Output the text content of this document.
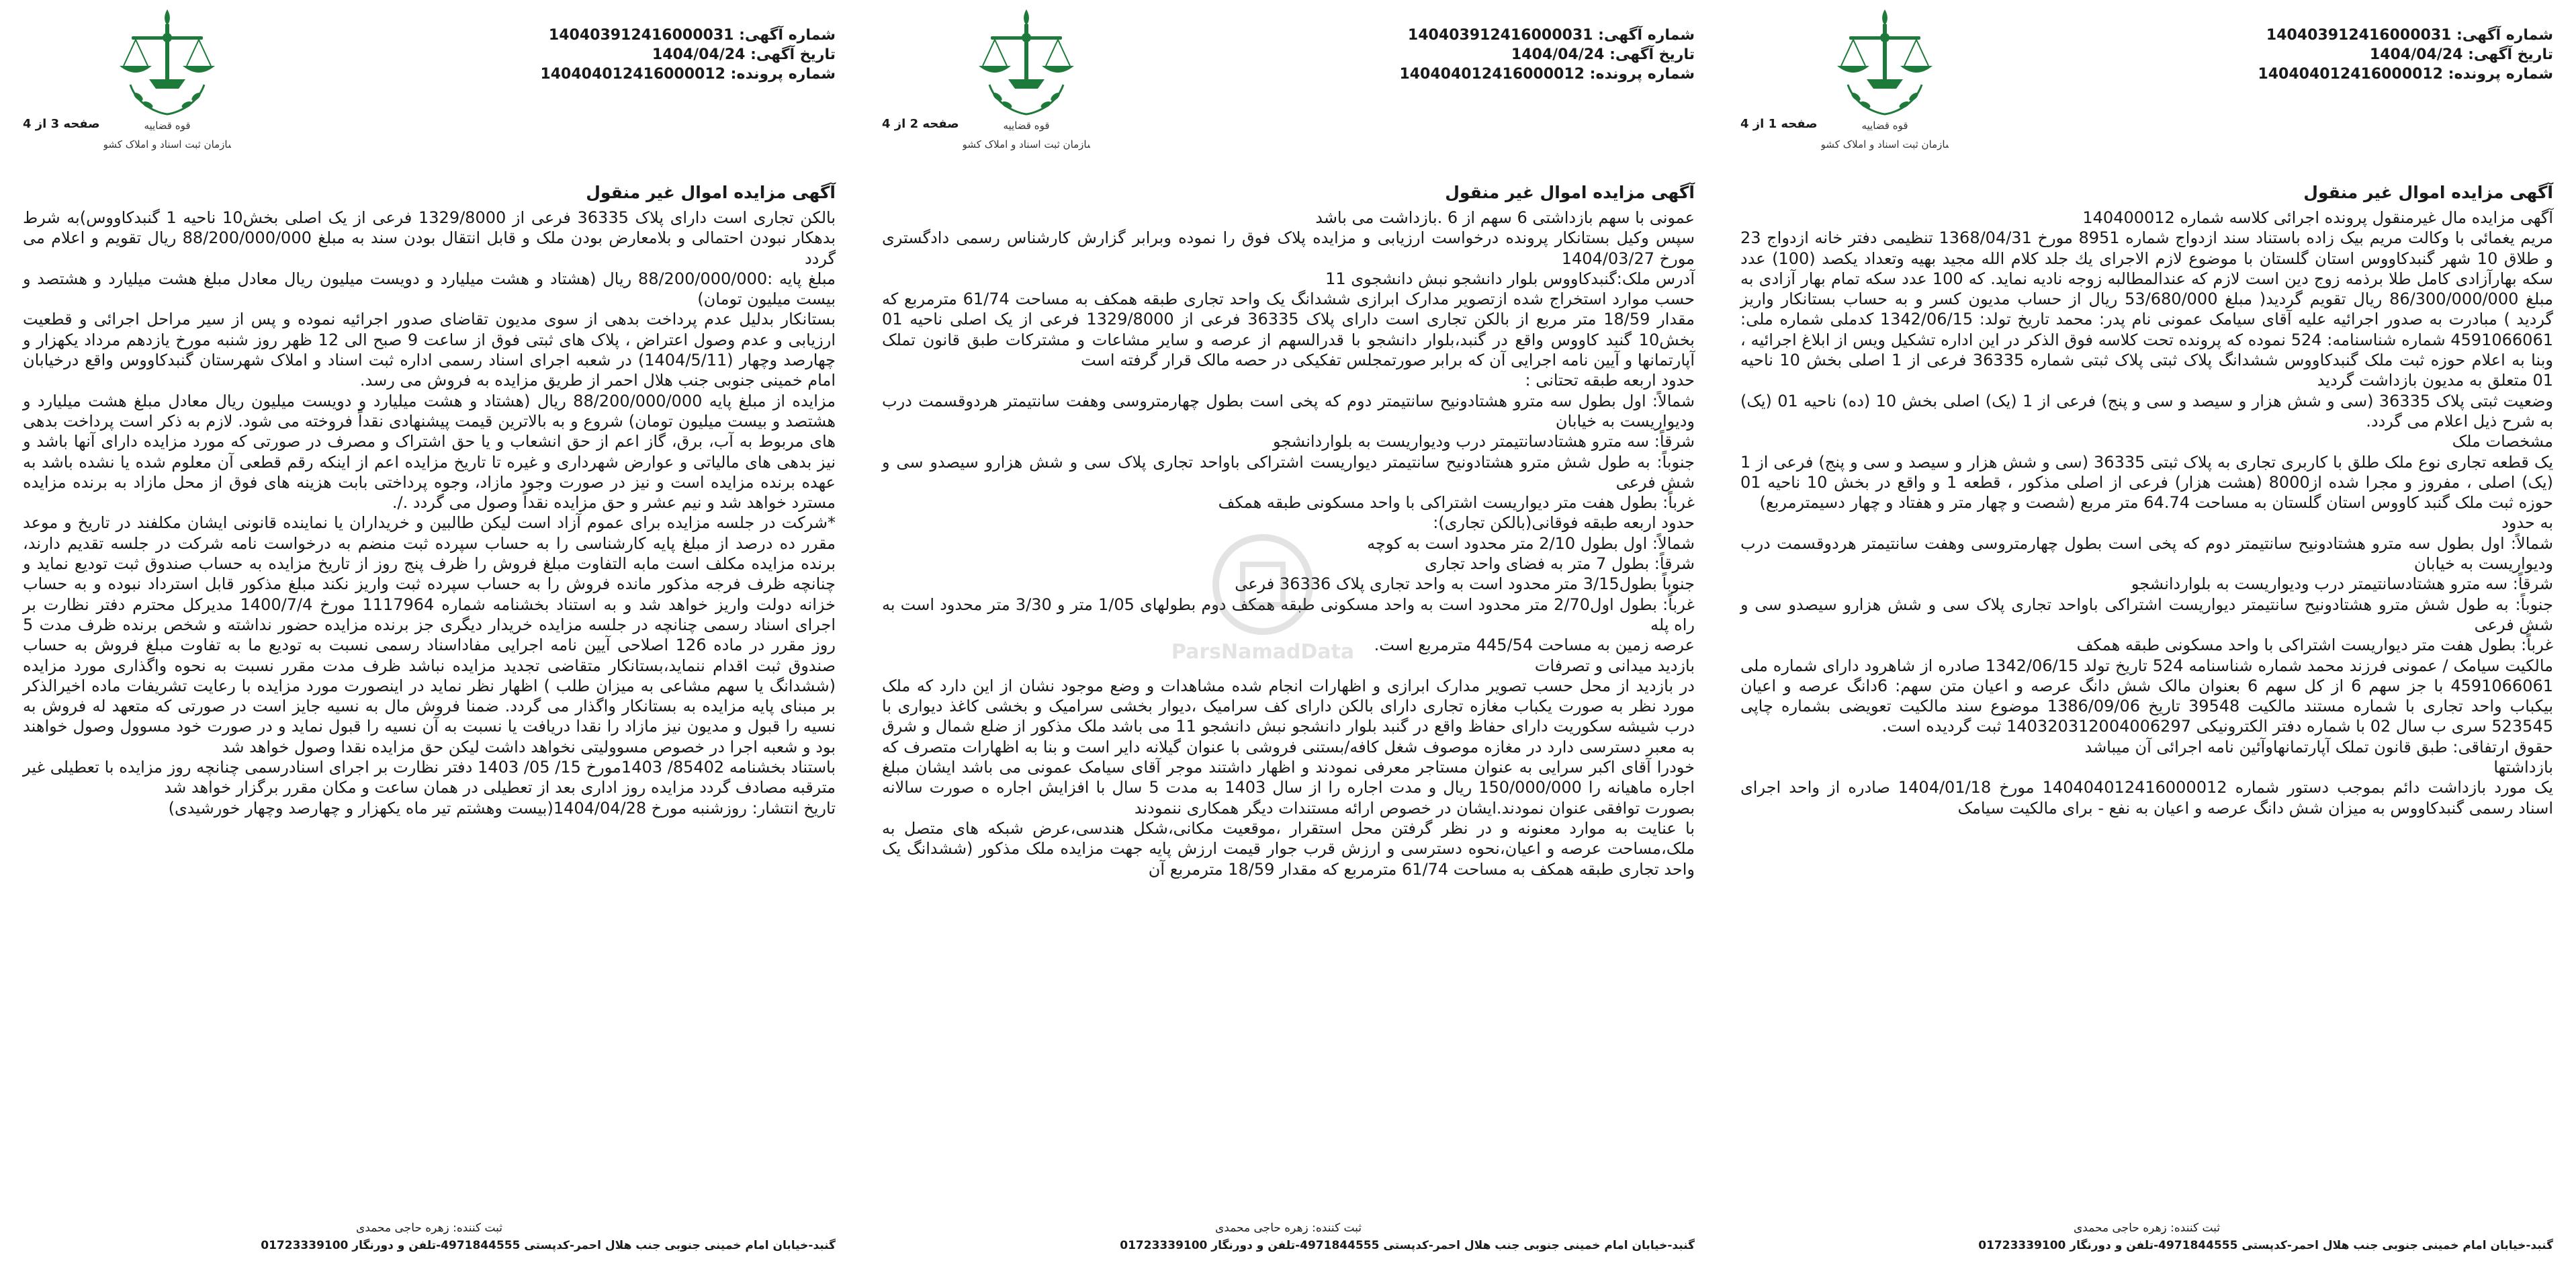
شماره آگهی: 140403912416000031
تاریخ آگهی: 1404/04/24
شماره پرونده: 140404012416000012
قوه قضاییه
سازمان ثبت اسناد و املاک کشور
صفحه 1 از 4
آگهی مزایده اموال غیر منقول

آگهی مزایده مال غیرمنقول پرونده اجرائی کلاسه شماره 140400012

مریم یغمائی با وکالت مریم بیک زاده باستناد سند ازدواج شماره 8951 مورخ 1368/04/31 تنظیمی دفتر خانه ازدواج 23 و طلاق 10 شهر گنبدکاووس استان گلستان با موضوع لازم الاجرای یك جلد كلام الله مجید بهیه وتعداد یکصد (100) عدد سکه بهارآزادی کامل طلا برذمه زوج دین است لازم که عندالمطالبه زوجه نادیه نماید. که 100 عدد سکه تمام بهار آزادی به مبلغ 86/300/000/000 ریال تقویم گردید( مبلغ 53/680/000 ریال از حساب مدیون کسر و به حساب بستانکار واریز گردید ) مبادرت به صدور اجرائیه علیه آقای سیامک عمونی نام پدر: محمد تاریخ تولد: 1342/06/15 کدملی شماره ملی: 4591066061 شماره شناسنامه: 524 نموده که پرونده تحت کلاسه فوق الذکر در این اداره تشکیل ویس از ابلاغ اجرائیه ، وبنا به اعلام حوزه ثبت ملک گنبدکاووس ششدانگ پلاک ثبتی پلاک ثبتی شماره 36335 فرعی از 1 اصلی بخش 10 ناحیه 01 متعلق به مدیون بازداشت گردید

وضعیت ثبتی پلاک 36335 (سی و شش هزار و سیصد و سی و پنج) فرعی از 1 (یک) اصلی بخش 10 (ده) ناحیه 01 (یک) به شرح ذیل اعلام می گردد.

مشخصات ملک

یک قطعه تجاری نوع ملک طلق با کاربری تجاری به پلاک ثبتی 36335 (سی و شش هزار و سیصد و سی و پنج) فرعی از 1 (یک) اصلی ، مفروز و مجرا شده از8000 (هشت هزار) فرعی از اصلی مذکور ، قطعه 1 و واقع در بخش 10 ناحیه 01 حوزه ثبت ملک گنبد کاووس استان گلستان به مساحت 64.74 متر مربع (شصت و چهار متر و هفتاد و چهار دسیمترمربع)

به حدود

شمالاً: اول بطول سه مترو هشتادونیح سانتیمتر دوم که پخی است بطول چهارمتروسی وهفت سانتیمتر هردوقسمت درب ودیواریست به خیابان

شرقاً: سه مترو هشتادسانتیمتر درب ودیواریست به بلواردانشجو

جنوباً: به طول شش مترو هشتادونیح سانتیمتر دیواریست اشتراکی باواحد تجاری پلاک سی و شش هزارو سیصدو سی و شش فرعی

غرباً: بطول هفت متر دیواریست اشتراکی با واحد مسکونی طبقه همکف

مالکیت سیامک / عمونی فرزند محمد شماره شناسنامه 524 تاریخ تولد 1342/06/15 صادره از شاهرود دارای شماره ملی 4591066061 با جز سهم 6 از کل سهم 6 بعنوان مالک شش دانگ عرصه و اعیان متن سهم: 6دانگ عرصه و اعیان بیکباب واحد تجاری با شماره مستند مالکیت 39548 تاریخ 1386/09/06 موضوع سند مالکیت تعویضی بشماره چاپی 523545 سری ب سال 02 با شماره دفتر الکترونیکی 140320312004006297 ثبت گردیده است.

حقوق ارتفاقی: طبق قانون تملک آپارتمانهاوآئین نامه اجرائی آن میباشد

بازداشتها

یک مورد بازداشت دائم بموجب دستور شماره 140404012416000012 مورخ 1404/01/18 صادره از واحد اجرای اسناد رسمی گنبدکاووس به میزان شش دانگ عرصه و اعیان به نفع - برای مالکیت سیامک

ثبت کننده: زهره حاجی محمدی
گنبد-خیابان امام خمینی جنوبی جنب هلال احمر-کدپستی 4971844555-تلفن و دورنگار 01723339100
شماره آگهی: 140403912416000031
تاریخ آگهی: 1404/04/24
شماره پرونده: 140404012416000012
قوه قضاییه
سازمان ثبت اسناد و املاک کشور
صفحه 2 از 4
آگهی مزایده اموال غیر منقول

عمونی با سهم بازداشتی 6 سهم از 6 .بازداشت می باشد

سپس وکیل بستانکار پرونده درخواست ارزیابی و مزایده پلاک فوق را نموده وبرابر گزارش کارشناس رسمی دادگستری مورخ 1404/03/27

آدرس ملک:گنبدکاووس بلوار دانشجو نبش دانشجوی 11

حسب موارد استخراج شده ازتصویر مدارک ابرازی ششدانگ یک واحد تجاری طبقه همکف به مساحت 61/74 مترمربع که مقدار 18/59 متر مربع از بالکن تجاری است دارای پلاک 36335 فرعی از 1329/8000 فرعی از یک اصلی ناحیه 01 بخش10 گنبد کاووس واقع در گنبد،بلوار دانشجو با قدرالسهم از عرصه و سایر مشاعات و مشترکات طبق قانون تملک آپارتمانها و آیین نامه اجرایی آن که برابر صورتمجلس تفکیکی در حصه مالک قرار گرفته است

حدود اربعه طبقه تحتانی :

شمالاً: اول بطول سه مترو هشتادونیح سانتیمتر دوم که پخی است بطول چهارمتروسی وهفت سانتیمتر هردوقسمت درب ودیواریست به خیابان

شرقاً: سه مترو هشتادسانتیمتر درب ودیواریست به بلواردانشجو

جنوباً: به طول شش مترو هشتادونیح سانتیمتر دیواریست اشتراکی باواحد تجاری پلاک سی و شش هزارو سیصدو سی و شش فرعی

غرباً: بطول هفت متر دیواریست اشتراکی با واحد مسکونی طبقه همکف

حدود اربعه طبقه فوقانی(بالکن تجاری):

شمالاً: اول بطول 2/10 متر محدود است به کوچه

شرقاً: بطول 7 متر به فضای واحد تجاری

جنوباً بطول3/15 متر محدود است به واحد تجاری پلاک 36336 فرعی

غرباً: بطول اول2/70 متر محدود است به واحد مسکونی طبقه همکف دوم بطولهای 1/05 متر و 3/30 متر محدود است به راه پله

عرصه زمین به مساحت 445/54 مترمربع است.

بازدید میدانی و تصرفات

در بازدید از محل حسب تصویر مدارک ابرازی و اظهارات انجام شده مشاهدات و وضع موجود نشان از این دارد که ملک مورد نظر به صورت یکباب مغازه تجاری دارای بالکن دارای کف سرامیک ،دیوار بخشی سرامیک و بخشی کاغذ دیواری با درب شیشه سکوریت دارای حفاظ واقع در گنبد بلوار دانشجو نبش دانشجو 11 می باشد ملک مذکور از ضلع شمال و شرق به معبر دسترسی دارد در مغازه موصوف شغل کافه/بستنی فروشی با عنوان گیلانه دایر است و بنا به اظهارات متصرف که خودرا آقای اکبر سرایی به عنوان مستاجر معرفی نمودند و اظهار داشتند موجر آقای سیامک عمونی می باشد ایشان مبلغ اجاره ماهیانه را 150/000/000 ریال و مدت اجاره را از سال 1403 به مدت 5 سال با افزایش اجاره ه صورت سالانه بصورت توافقی عنوان نمودند.ایشان در خصوص ارائه مستندات دیگر همکاری ننمودند

با عنایت به موارد معنونه و در نظر گرفتن محل استقرار ،موقعیت مکانی،شکل هندسی،عرض شبکه های متصل به ملک،مساحت عرصه و اعیان،نحوه دسترسی و ارزش قرب جوار قیمت ارزش پایه جهت مزایده ملک مذکور (ششدانگ یک واحد تجاری طبقه همکف به مساحت 61/74 مترمربع که مقدار 18/59 مترمربع آن

ثبت کننده: زهره حاجی محمدی
گنبد-خیابان امام خمینی جنوبی جنب هلال احمر-کدپستی 4971844555-تلفن و دورنگار 01723339100
شماره آگهی: 140403912416000031
تاریخ آگهی: 1404/04/24
شماره پرونده: 140404012416000012
قوه قضاییه
سازمان ثبت اسناد و املاک کشور
صفحه 3 از 4
آگهی مزایده اموال غیر منقول

بالکن تجاری است دارای پلاک 36335 فرعی از 1329/8000 فرعی از یک اصلی بخش10 ناحیه 1 گنبدکاووس)به شرط بدهکار نبودن احتمالی و بلامعارض بودن ملک و قابل انتقال بودن سند به مبلغ 88/200/000/000 ریال تقویم و اعلام می گردد

مبلغ پایه :88/200/000/000 ریال (هشتاد و هشت میلیارد و دویست میلیون ریال معادل مبلغ هشت میلیارد و هشتصد و بیست میلیون تومان)

بستانکار بدلیل عدم پرداخت بدهی از سوی مدیون تقاضای صدور اجرائیه نموده و پس از سیر مراحل اجرائی و قطعیت ارزیابی و عدم وصول اعتراض ، پلاک های ثبتی فوق از ساعت 9 صبح الی 12 ظهر روز شنبه مورخ یازدهم مرداد یکهزار و چهارصد وچهار (1404/5/11) در شعبه اجرای اسناد رسمی اداره ثبت اسناد و املاک شهرستان گنبدکاووس واقع درخیابان امام خمینی جنوبی جنب هلال احمر از طریق مزایده به فروش می رسد.

مزایده از مبلغ پایه 88/200/000/000 ریال (هشتاد و هشت میلیارد و دویست میلیون ریال معادل مبلغ هشت میلیارد و هشتصد و بیست میلیون تومان) شروع و به بالاترین قیمت پیشنهادی نقداً فروخته می شود. لازم به ذکر است پرداخت بدهی های مربوط به آب، برق، گاز اعم از حق انشعاب و یا حق اشتراک و مصرف در صورتی که مورد مزایده دارای آنها باشد و نیز بدهی های مالیاتی و عوارض شهرداری و غیره تا تاریخ مزایده اعم از اینکه رقم قطعی آن معلوم شده یا نشده باشد به عهده برنده مزایده است و نیز در صورت وجود مازاد، وجوه پرداختی بابت هزینه های فوق از محل مازاد به برنده مزایده مسترد خواهد شد و نیم عشر و حق مزایده نقداً وصول می گردد ./.

*شرکت در جلسه مزایده برای عموم آزاد است لیکن طالبین و خریداران یا نماینده قانونی ایشان مکلفند در تاریخ و موعد مقرر ده درصد از مبلغ پایه کارشناسی را به حساب سپرده ثبت منضم به درخواست نامه شرکت در جلسه تقدیم دارند، برنده مزایده مکلف است مابه التفاوت مبلغ فروش را ظرف پنج روز از تاریخ مزایده به حساب صندوق ثبت تودیع نماید و چنانچه ظرف فرجه مذکور مانده فروش را به حساب سپرده ثبت واریز نکند مبلغ مذکور قابل استرداد نبوده و به حساب خزانه دولت واریز خواهد شد و به استناد بخشنامه شماره 1117964 مورخ 1400/7/4 مدیرکل محترم دفتر نظارت بر اجرای اسناد رسمی چنانچه در جلسه مزایده خریدار دیگری جز برنده مزایده حضور نداشته و شخص برنده ظرف مدت 5 روز مقرر در ماده 126 اصلاحی آیین نامه اجرایی مفاداسناد رسمی نسبت به تودیع ما به تفاوت مبلغ فروش به حساب صندوق ثبت اقدام ننماید،بستانکار متقاضی تجدید مزایده نباشد ظرف مدت مقرر نسبت به نحوه واگذاری مورد مزایده (ششدانگ یا سهم مشاعی به میزان طلب ) اظهار نظر نماید در اینصورت مورد مزایده با رعایت تشریفات ماده اخیرالذکر بر مبنای پایه مزایده به بستانکار واگذار می گردد. ضمنا فروش مال به نسیه جایز است در صورتی که متعهد له فروش به نسیه را قبول و مدیون نیز مازاد را نقدا دریافت یا نسبت به آن نسیه را قبول نماید و در صورت خود مسوول وصول خواهند بود و شعبه اجرا در خصوص مسوولیتی نخواهد داشت لیکن حق مزایده نقدا وصول خواهد شد

باستناد بخشنامه 85402/ 1403مورخ 15/ 05/ 1403 دفتر نظارت بر اجرای اسنادرسمی چنانچه روز مزایده با تعطیلی غیر مترقبه مصادف گردد مزایده روز اداری بعد از تعطیلی در همان ساعت و مکان مقرر برگزار خواهد شد

تاریخ انتشار: روزشنبه مورخ 1404/04/28(بیست وهشتم تیر ماه یکهزار و چهارصد وچهار خورشیدی)

ثبت کننده: زهره حاجی محمدی
گنبد-خیابان امام خمینی جنوبی جنب هلال احمر-کدپستی 4971844555-تلفن و دورنگار 01723339100
ParsNamadData
